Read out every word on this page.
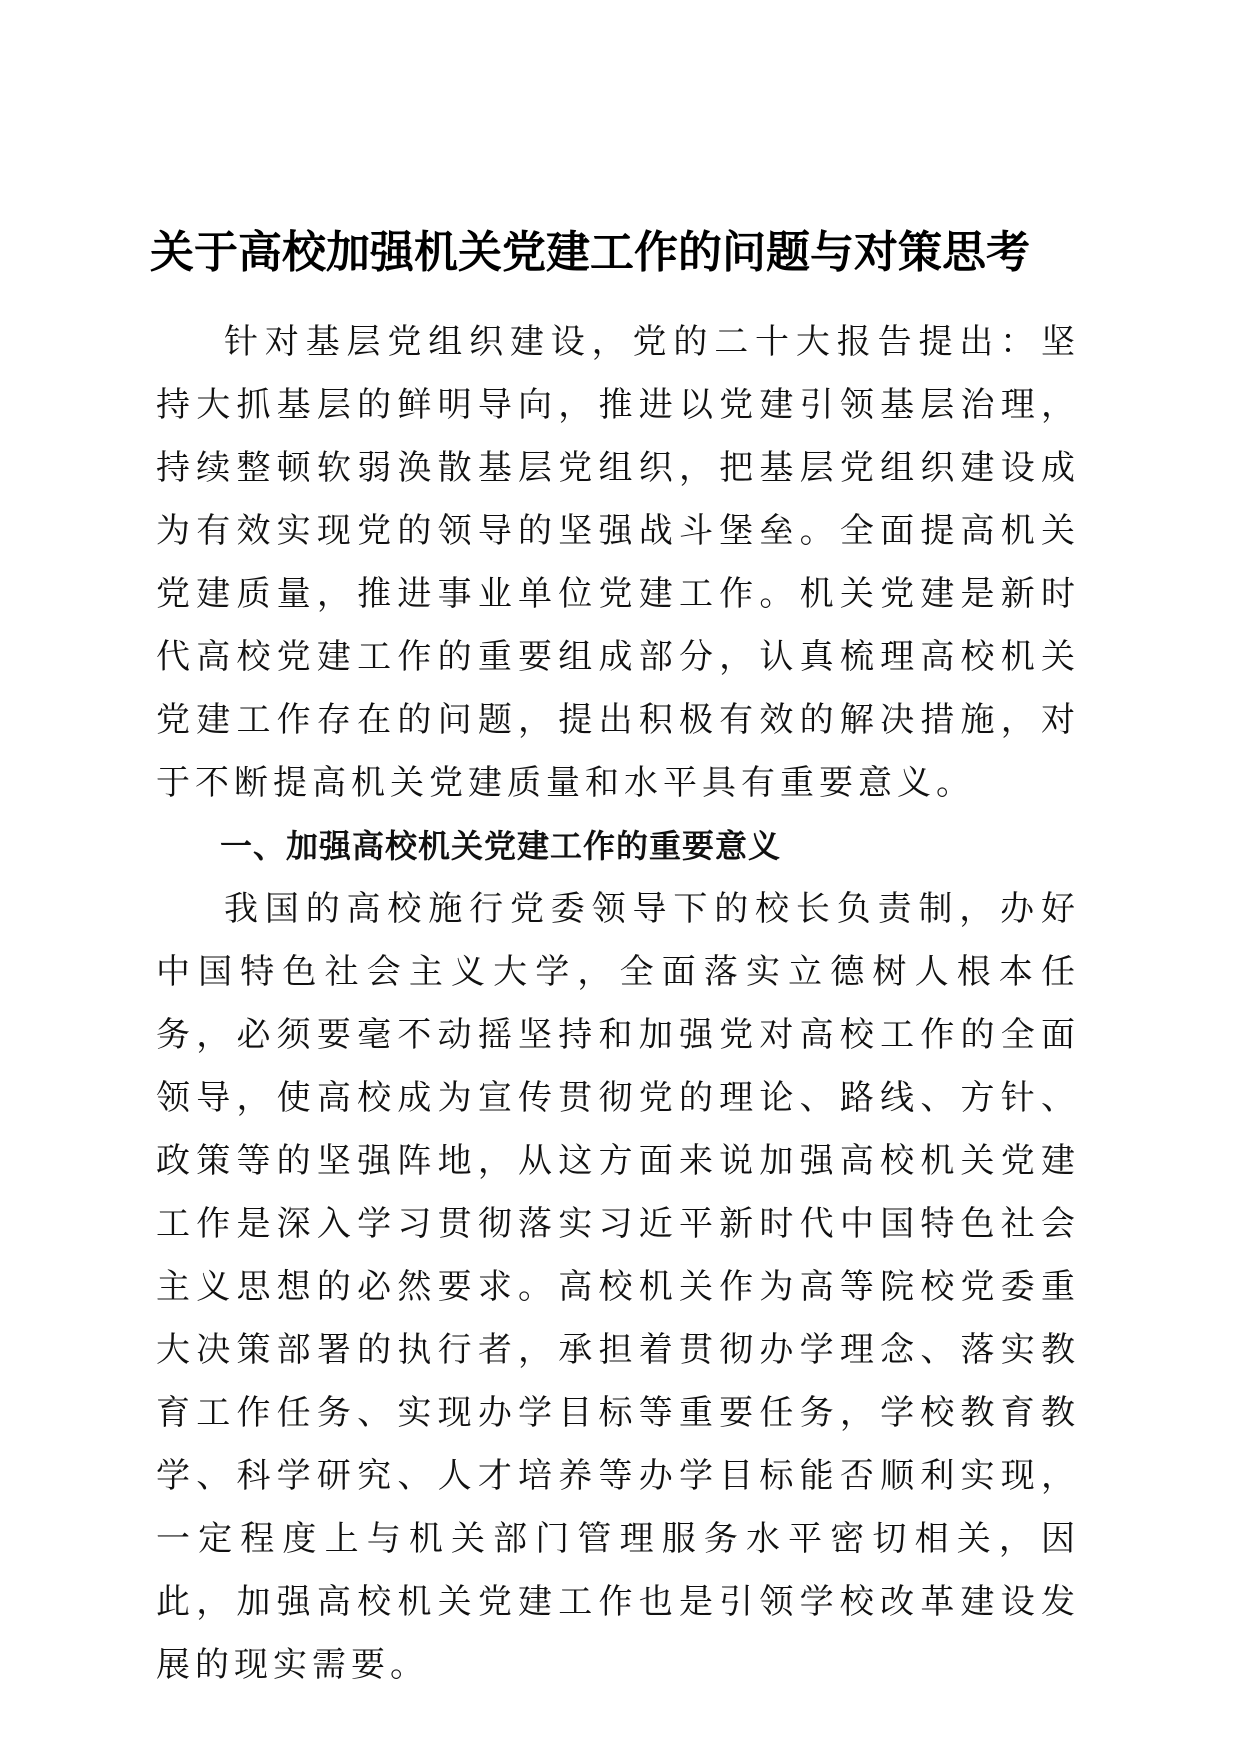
关于高校加强机关党建工作的问题与对策思考

针对基层党组织建设，党的二十大报告提出：坚持大抓基层的鲜明导向，推进以党建引领基层治理，持续整顿软弱涣散基层党组织，把基层党组织建设成为有效实现党的领导的坚强战斗堡垒。全面提高机关党建质量，推进事业单位党建工作。机关党建是新时代高校党建工作的重要组成部分，认真梳理高校机关党建工作存在的问题，提出积极有效的解决措施，对于不断提高机关党建质量和水平具有重要意义。

一、加强高校机关党建工作的重要意义

我国的高校施行党委领导下的校长负责制，办好中国特色社会主义大学，全面落实立德树人根本任务，必须要毫不动摇坚持和加强党对高校工作的全面领导，使高校成为宣传贯彻党的理论、路线、方针、政策等的坚强阵地，从这方面来说加强高校机关党建工作是深入学习贯彻落实习近平新时代中国特色社会主义思想的必然要求。高校机关作为高等院校党委重大决策部署的执行者，承担着贯彻办学理念、落实教育工作任务、实现办学目标等重要任务，学校教育教学、科学研究、人才培养等办学目标能否顺利实现，一定程度上与机关部门管理服务水平密切相关，因此，加强高校机关党建工作也是引领学校改革建设发展的现实需要。
